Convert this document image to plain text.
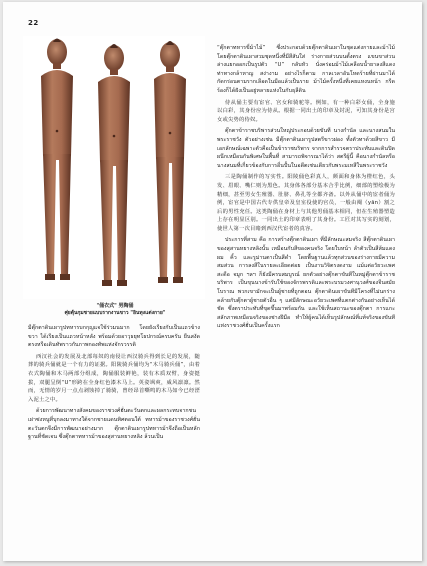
22
"俑衣式" 男陶俑
ศุ่ยตุ้นกุมชายแบบรากงานขาว "อินทุงแต่งกาย"

มีตุ๊กตาดินเผารูปทหารบกกุญแจใช้ร่วมนมาก โดยยังเรียงกับเป็นแถวข้างขวา ได้เรียงเป็นแถวหน้าหลัง พร้อมด้วยอาวุธยุทโธปกรณ์ครบครัน ยืนสงัดตรงหรือเดินทัพราวกับภาพกองทัพแห่งจักรวรรดิ

西汉社会的发展及北部每奴的南侵让西汉骑兵得到长足的发展，随葬的骑兵俑就是一个有力的证据。阳陵骑兵俑均为“木马骑兵俑”，由着衣式陶俑和木马两部分组成，陶俑服装鲜艳，装有木质双臂，身姿挺拔，双腿呈倒“U”形跨在全身红色漆木马上。英姿飒爽，威风凛凛。然而，无情的岁月一点点剥蚀掉了骑骑，曾经昂首嘶鸣的木马如今已经湮入泥土之中。

ด้วยการพัฒนาทางสังคมของราชวงศ์ฮั่นตะวันตกและผลกระทบจากชนเผ่าซ่งหนูที่บุกลงมาทางใต้จากชายแดนทิศตอนใต้ ทหารม้าของราชวงศ์ฮั่นตะวันตกจึงมีการพัฒนาอย่างมาก ตุ๊กตาดินเผารูปทหารม้าจึงถือเป็นหลักฐานที่ชัดเจน ซึ่งตุ๊กตาทหารม้าของสุสานหยางหลิง ล้วนเป็น

“ตุ๊กตาทหารขี่ม้าไม้” ซึ่งประกอบด้วยตุ๊กตาดินเผาในชุดแต่งกายและม้าไม้ โดยตุ๊กตาดินเผาสวมชุดหนึ่งที่มีสีสันใส่ ร่างกายส่วนบนตั้งตรง แขนขาส่วนล่างแยกออกเป็นรูปตัว “U” กลับหัว นั่งคร่อมม้าไม้เคลือบน้ำยาลงสีแดง ท่าทางกล้าหาญ สง่างาม อย่างไรก็ตาม กาลเวลาอันโหดร้ายที่ผ่านมาได้กัดกร่อนตามรากเลือดในมือแล้วเป็นราย ม้าไม้ครั้งหนึ่งที่เคยแหงนหน้า กรีดร้องก็ได้ฝังเป็นอยู่หลายแห่งในกับธุลีดิน

侍从俑主要有宦官、宫女和骑驼等。例如，有一种白彩女俑，全身施以白彩，其身份应为侍从。根据一同出土的印章及封泥，可知其身份是宫女或尖势的侍奴。

ตุ๊กตาข้าราชบริพารส่วนใหญ่ประกอบด้วยขันที นางกำนัล และนางสนมในพระราชวัง ตัวอย่างเช่น มีตุ๊กตาดินเผารูปสตรีขาวผ่อง ทั้งตัวทาด้วยสีขาว มีเอกลักษณ์เฉพาะตัวคือเป็นข้าราชบริพาร จากการสำรวจตราประทับและดินปิดผนึกเหมือนกันพิเศษในพื้นที่ สามารถพิจารณาได้ว่า สตรีผู้นี้ คือนางกำนัลหรือนางสนมที่เกี่ยวข้องกับการอื่นปั้นในอดีตเช่นเดียวกับพระมเหสีในพระราชวัง

三是陶俑制作的写实性。阳陵俑色彩真人，颜面和身体为橙红色，头发、眉眼、嘴仁则为黑色。其身体各部分基本合乎比例，细部的塑绘极为精细，甚至男女生殖器、肚脐、鼻孔等全都齐备。以外从俑中的宦者俑为例，宦官是中国古代专供皇帝及皇室役使的官员，一般由阉（yān）割之后的男性充任。这类陶俑在身材上与其他男俑基本相同，但在生殖器塑造上存在明显区别。一同出土的印章表明了其身份。工匠对其写实的刻划，使世人第一次目睹到西汉代宦者的真容。

ประการที่สาม คือ การสร้างตุ๊กตาดินเผา ที่มีลักษณะสมจริง สีตุ๊กตาดินเผาของสุสานหยางหลิงนั้น เหมือนกับสีของคนจริง โดยใบหน้า ลำตัวเป็นสีส้มแดง ผม คิ้ว และรูม่านตาเป็นสีดำ โดยพื้นฐานแล้วทุกส่วนของร่างกายมีความสมส่วน การลงสีในรายละเอียดต่อย เป็นงานวิจิตรงดงาม แม้แต่อวัยวะเพศ สะดือ จมูก ฯลฯ ก็ยังมีครบสมบูรณ์ ยกตัวอย่างตุ๊กตาขันทีในหมู่ตุ๊กตาข้าราชบริพาร เป็นขุนนางข้ารับใช้ของจักรพรรดิและพระบรมวงศานุวงศ์ของจีนสมัยโบราณ พวกเขามักจะเป็นผู้ชายที่ถูกตอน ตุ๊กตาดินเผาขันทีมีโครงที่ไม่นกร่างคล้ายกับตุ๊กตาผู้ชายตัวอื่น ๆ แต่มีลักษณะอวัยวะเพศที่แตกต่างกันอย่างเห็นได้ชัด ซึ่งตราประทับที่ขุดขึ้นมาพร้อมกัน และใช้เห็นสถานะของตุ๊กตา การแกะสลักภาพเหมือนจริงของช่างฝีมือ ทำให้ผู้คนได้เห็นรูปลักษณ์ที่แท้จริงของขันทีแห่งราชวงศ์ฮั่นเป็นครั้งแรก
